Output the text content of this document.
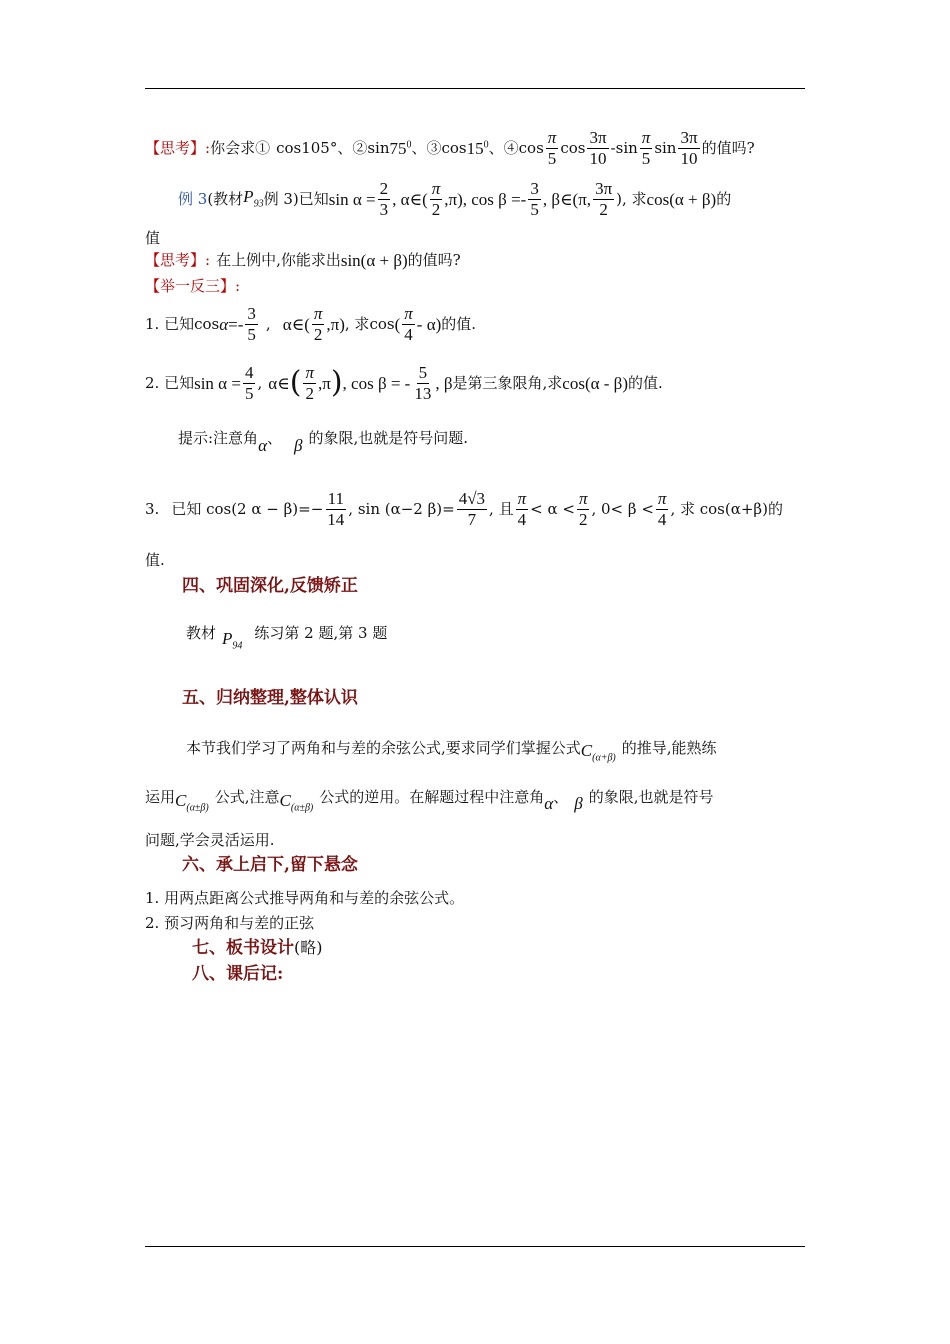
【思考】: 你会求① cos105°、② $\sin 75^0$ 、③cos $15^0$ 、④cos $\frac{\pi}{5}$ $\cos \frac{3\pi}{10} -\sin \frac{\pi}{5}$ $\sin \frac{3\pi}{10}$ 的值吗?
例 3 (教材 $P_{93}$ 例 3)已知 $\sin \alpha = \frac{2}{3}$ , α∈( $\frac{\pi}{2} ,\pi$), $\cos \beta =- \frac{3}{5}$ , β∈(π, $\frac{3\pi}{2}$ ), 求 cos(α + β) 的
值
【思考】: 在上例中,你能求出 sin(α + β) 的值吗?
【举一反三】:
1. 已知 $\cos \alpha =- \frac{3}{5}$ , α∈( $\frac{\pi}{2} ,\pi$) , 求 cos ( $\frac{\pi}{4} - \alpha$) 的值.
2. 已知 $\sin \alpha = \frac{4}{5}$ , α∈ ( $\frac{\pi}{2} ,\pi$ ) , cos β = - $\frac{5}{13}$ , β 是第三象限角,求 cos(α - β) 的值.
提示:注意角 α 、 β 的象限,也就是符号问题.
3. 已知 cos(2 $\alpha - \beta)=- \frac{11}{14}$ , sin (α−2 $\beta)= \frac{4√3}{7}$ , 且 $\frac{\pi}{4} < \alpha < \frac{\pi}{2}$ , $0< \beta < \frac{\pi}{4}$ , 求 cos(α+β)的
值.
四、巩固深化,反馈矫正
教材 $P_{94}$
练习第 2 题,第 3 题
五、归纳整理,整体认识
本节我们学习了两角和与差的余弦公式,要求同学们掌握公式 $C_{(\alpha+\beta)}$
的推导,能熟练
运用 $C_{(\alpha\pm\beta)}$
公式,注意 $C_{(\alpha\pm\beta)}$
公式的逆用。在解题过程中注意角 α 、 β 的象限,也就是符号
问题,学会灵活运用.
六、承上启下,留下悬念
1. 用两点距离公式推导两角和与差的余弦公式。
2. 预习两角和与差的正弦
七、板书设计 (略)
八、课后记:
